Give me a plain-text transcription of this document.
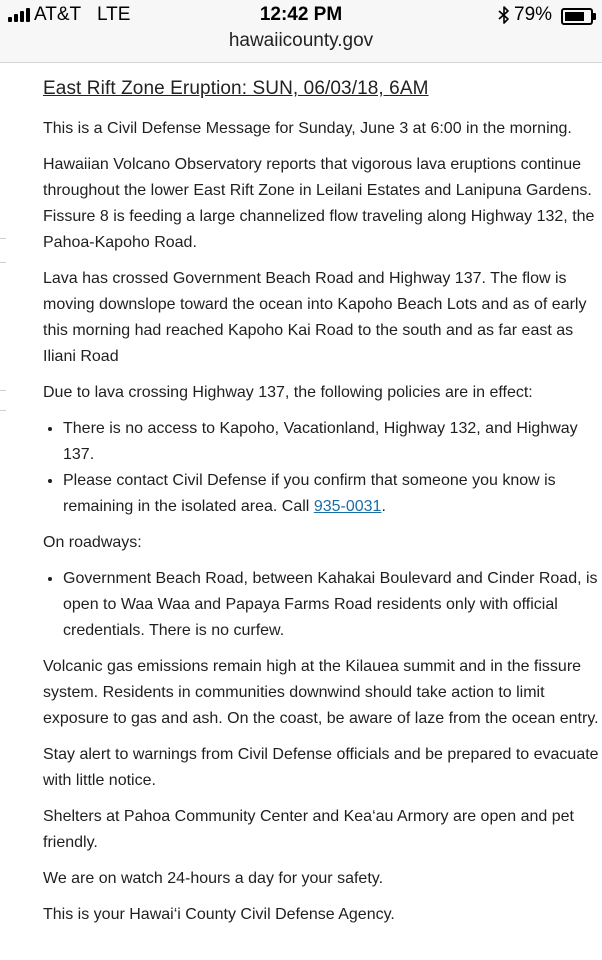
AT&T LTE	12:42 PM
hawaiicounty.gov
79%
East Rift Zone Eruption: SUN, 06/03/18, 6AM

This is a Civil Defense Message for Sunday, June 3 at 6:00 in the morning.

Hawaiian Volcano Observatory reports that vigorous lava eruptions continue throughout the lower East Rift Zone in Leilani Estates and Lanipuna Gardens. Fissure 8 is feeding a large channelized flow traveling along Highway 132, the Pahoa-Kapoho Road.

Lava has crossed Government Beach Road and Highway 137. The flow is moving downslope toward the ocean into Kapoho Beach Lots and as of early this morning had reached Kapoho Kai Road to the south and as far east as Iliani Road

Due to lava crossing Highway 137, the following policies are in effect:

• There is no access to Kapoho, Vacationland, Highway 132, and Highway 137.
• Please contact Civil Defense if you confirm that someone you know is remaining in the isolated area. Call 935-0031.

On roadways:

• Government Beach Road, between Kahakai Boulevard and Cinder Road, is open to Waa Waa and Papaya Farms Road residents only with official credentials. There is no curfew.

Volcanic gas emissions remain high at the Kilauea summit and in the fissure system. Residents in communities downwind should take action to limit exposure to gas and ash. On the coast, be aware of laze from the ocean entry.

Stay alert to warnings from Civil Defense officials and be prepared to evacuate with little notice.

Shelters at Pahoa Community Center and Kea‘au Armory are open and pet friendly.

We are on watch 24-hours a day for your safety.

This is your Hawai‘i County Civil Defense Agency.
